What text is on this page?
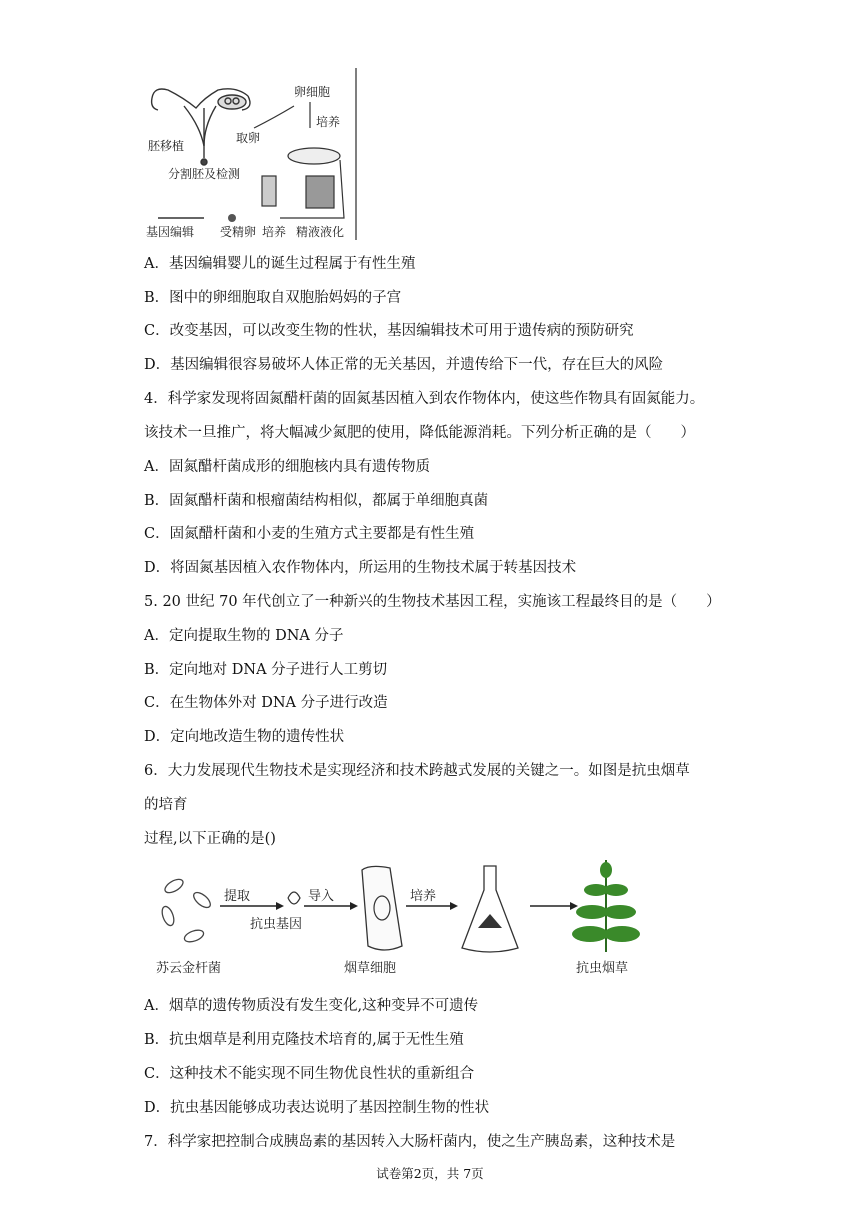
卵细胞
取卵
培养
胚移植
分割胚及检测
基因编辑 受精卵 培养 精液液化
A．基因编辑婴儿的诞生过程属于有性生殖
B．图中的卵细胞取自双胞胎妈妈的子宫
C．改变基因，可以改变生物的性状，基因编辑技术可用于遗传病的预防研究
D．基因编辑很容易破坏人体正常的无关基因，并遗传给下一代，存在巨大的风险
4．科学家发现将固氮醋杆菌的固氮基因植入到农作物体内，使这些作物具有固氮能力。
该技术一旦推广，将大幅减少氮肥的使用，降低能源消耗。下列分析正确的是（　　）
A．固氮醋杆菌成形的细胞核内具有遗传物质
B．固氮醋杆菌和根瘤菌结构相似，都属于单细胞真菌
C．固氮醋杆菌和小麦的生殖方式主要都是有性生殖
D．将固氮基因植入农作物体内，所运用的生物技术属于转基因技术
5. 20 世纪 70 年代创立了一种新兴的生物技术基因工程，实施该工程最终目的是（　　）
A．定向提取生物的 DNA 分子
B．定向地对 DNA 分子进行人工剪切
C．在生物体外对 DNA 分子进行改造
D．定向地改造生物的遗传性状
6．大力发展现代生物技术是实现经济和技术跨越式发展的关键之一。如图是抗虫烟草
的培育
过程,以下正确的是()
提取
抗虫基因
导入	培养
苏云金杆菌	烟草细胞	抗虫烟草
A．烟草的遗传物质没有发生变化,这种变异不可遗传
B．抗虫烟草是利用克隆技术培育的,属于无性生殖
C．这种技术不能实现不同生物优良性状的重新组合
D．抗虫基因能够成功表达说明了基因控制生物的性状
7．科学家把控制合成胰岛素的基因转入大肠杆菌内，使之生产胰岛素，这种技术是
试卷第2页，共 7页
